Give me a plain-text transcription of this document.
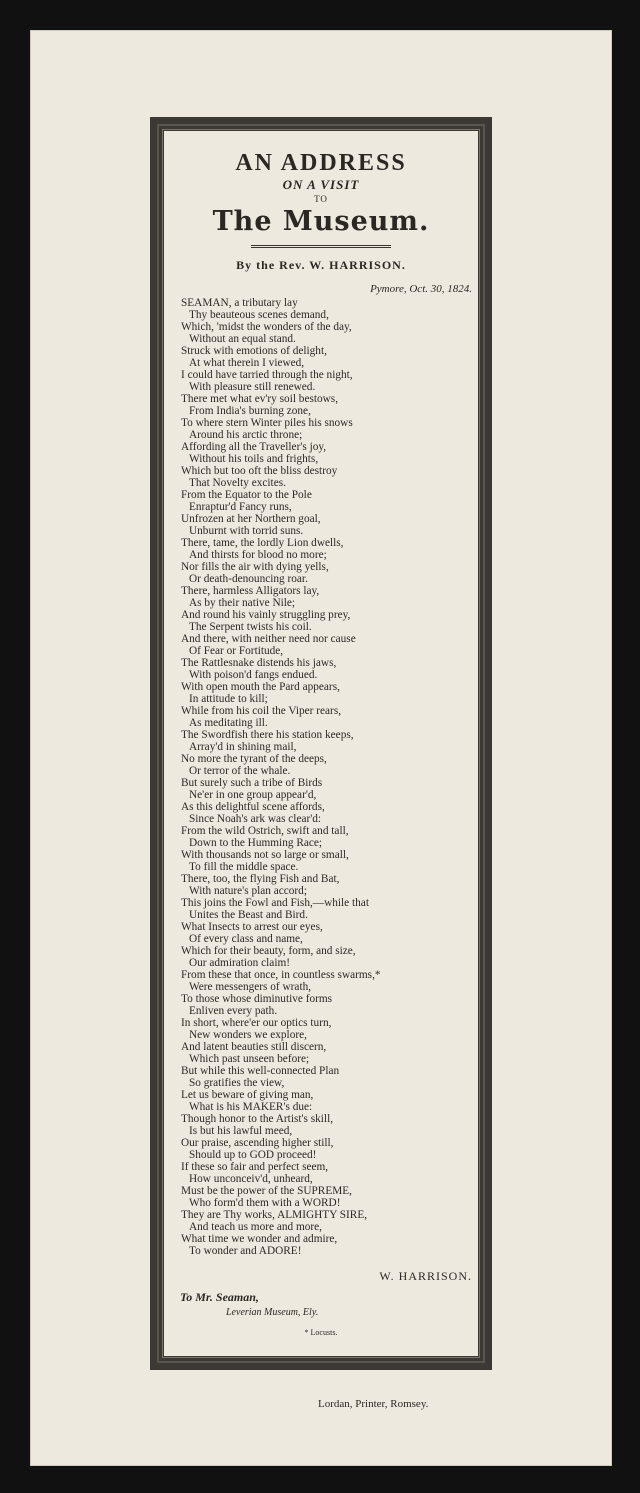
AN ADDRESS
ON A VISIT
TO
The Museum.
By the Rev. W. HARRISON.
Pymore, Oct. 30, 1824.
SEAMAN, a tributary lay
Thy beauteous scenes demand,
Which, 'midst the wonders of the day,
Without an equal stand.
Struck with emotions of delight,
At what therein I viewed,
I could have tarried through the night,
With pleasure still renewed.
There met what ev'ry soil bestows,
From India's burning zone,
To where stern Winter piles his snows
Around his arctic throne;
Affording all the Traveller's joy,
Without his toils and frights,
Which but too oft the bliss destroy
That Novelty excites.
From the Equator to the Pole
Enraptur'd Fancy runs,
Unfrozen at her Northern goal,
Unburnt with torrid suns.
There, tame, the lordly Lion dwells,
And thirsts for blood no more;
Nor fills the air with dying yells,
Or death-denouncing roar.
There, harmless Alligators lay,
As by their native Nile;
And round his vainly struggling prey,
The Serpent twists his coil.
And there, with neither need nor cause
Of Fear or Fortitude,
The Rattlesnake distends his jaws,
With poison'd fangs endued.
With open mouth the Pard appears,
In attitude to kill;
While from his coil the Viper rears,
As meditating ill.
The Swordfish there his station keeps,
Array'd in shining mail,
No more the tyrant of the deeps,
Or terror of the whale.
But surely such a tribe of Birds
Ne'er in one group appear'd,
As this delightful scene affords,
Since Noah's ark was clear'd:
From the wild Ostrich, swift and tall,
Down to the Humming Race;
With thousands not so large or small,
To fill the middle space.
There, too, the flying Fish and Bat,
With nature's plan accord;
This joins the Fowl and Fish,—while that
Unites the Beast and Bird.
What Insects to arrest our eyes,
Of every class and name,
Which for their beauty, form, and size,
Our admiration claim!
From these that once, in countless swarms,*
Were messengers of wrath,
To those whose diminutive forms
Enliven every path.
In short, where'er our optics turn,
New wonders we explore,
And latent beauties still discern,
Which past unseen before;
But while this well-connected Plan
So gratifies the view,
Let us beware of giving man,
What is his MAKER's due:
Though honor to the Artist's skill,
Is but his lawful meed,
Our praise, ascending higher still,
Should up to GOD proceed!
If these so fair and perfect seem,
How unconceiv'd, unheard,
Must be the power of the SUPREME,
Who form'd them with a WORD!
They are Thy works, ALMIGHTY SIRE,
And teach us more and more,
What time we wonder and admire,
To wonder and ADORE!
W. HARRISON.
To Mr. Seaman,
Leverian Museum, Ely.
* Locusts.
Lordan, Printer, Romsey.
